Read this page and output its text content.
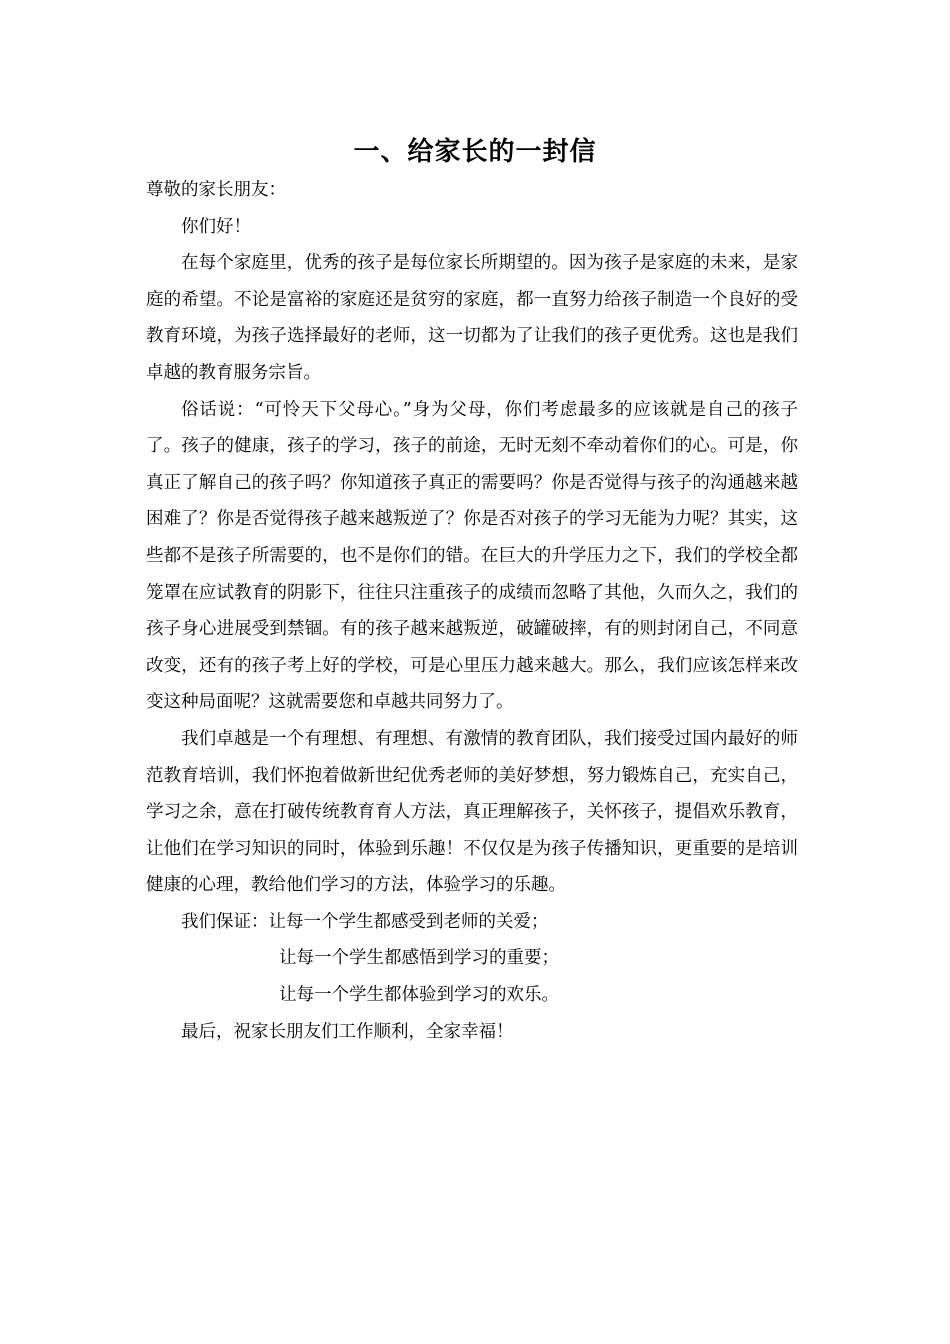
一、给家长的一封信

尊敬的家长朋友：

你们好！

在每个家庭里，优秀的孩子是每位家长所期望的。因为孩子是家庭的未来，是家庭的希望。不论是富裕的家庭还是贫穷的家庭，都一直努力给孩子制造一个良好的受教育环境，为孩子选择最好的老师，这一切都为了让我们的孩子更优秀。这也是我们卓越的教育服务宗旨。

俗话说：“可怜天下父母心。”身为父母，你们考虑最多的应该就是自己的孩子了。孩子的健康，孩子的学习，孩子的前途，无时无刻不牵动着你们的心。可是，你真正了解自己的孩子吗？你知道孩子真正的需要吗？你是否觉得与孩子的沟通越来越困难了？你是否觉得孩子越来越叛逆了？你是否对孩子的学习无能为力呢？其实，这些都不是孩子所需要的，也不是你们的错。在巨大的升学压力之下，我们的学校全都笼罩在应试教育的阴影下，往往只注重孩子的成绩而忽略了其他，久而久之，我们的孩子身心进展受到禁锢。有的孩子越来越叛逆，破罐破摔，有的则封闭自己，不同意改变，还有的孩子考上好的学校，可是心里压力越来越大。那么，我们应该怎样来改变这种局面呢？这就需要您和卓越共同努力了。

我们卓越是一个有理想、有理想、有激情的教育团队，我们接受过国内最好的师范教育培训，我们怀抱着做新世纪优秀老师的美好梦想，努力锻炼自己，充实自己，学习之余，意在打破传统教育育人方法，真正理解孩子，关怀孩子，提倡欢乐教育，让他们在学习知识的同时，体验到乐趣！不仅仅是为孩子传播知识，更重要的是培训健康的心理，教给他们学习的方法，体验学习的乐趣。

我们保证： 让每一个学生都感受到老师的关爱；

让每一个学生都感悟到学习的重要；

让每一个学生都体验到学习的欢乐。

最后，祝家长朋友们工作顺利，全家幸福！
